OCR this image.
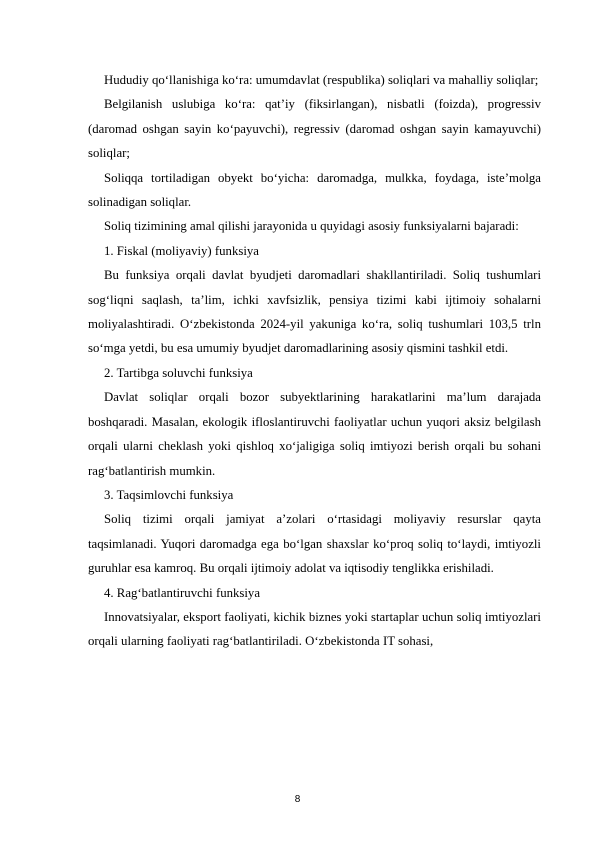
Hududiy qo‘llanishiga ko‘ra: umumdavlat (respublika) soliqlari va mahalliy soliqlar;

Belgilanish uslubiga ko‘ra: qat’iy (fiksirlangan), nisbatli (foizda), progressiv (daromad oshgan sayin ko‘payuvchi), regressiv (daromad oshgan sayin kamayuvchi) soliqlar;

Soliqqa tortiladigan obyekt bo‘yicha: daromadga, mulkka, foydaga, iste’molga solinadigan soliqlar.

Soliq tizimining amal qilishi jarayonida u quyidagi asosiy funksiyalarni bajaradi:

1. Fiskal (moliyaviy) funksiya

Bu funksiya orqali davlat byudjeti daromadlari shakllantiriladi. Soliq tushumlari sog‘liqni saqlash, ta’lim, ichki xavfsizlik, pensiya tizimi kabi ijtimoiy sohalarni moliyalashtiradi. O‘zbekistonda 2024-yil yakuniga ko‘ra, soliq tushumlari 103,5 trln so‘mga yetdi, bu esa umumiy byudjet daromadlarining asosiy qismini tashkil etdi.

2. Tartibga soluvchi funksiya

Davlat soliqlar orqali bozor subyektlarining harakatlarini ma’lum darajada boshqaradi. Masalan, ekologik ifloslantiruvchi faoliyatlar uchun yuqori aksiz belgilash orqali ularni cheklash yoki qishloq xo‘jaligiga soliq imtiyozi berish orqali bu sohani rag‘batlantirish mumkin.

3. Taqsimlovchi funksiya

Soliq tizimi orqali jamiyat a’zolari o‘rtasidagi moliyaviy resurslar qayta taqsimlanadi. Yuqori daromadga ega bo‘lgan shaxslar ko‘proq soliq to‘laydi, imtiyozli guruhlar esa kamroq. Bu orqali ijtimoiy adolat va iqtisodiy tenglikka erishiladi.

4. Rag‘batlantiruvchi funksiya

Innovatsiyalar, eksport faoliyati, kichik biznes yoki startaplar uchun soliq imtiyozlari orqali ularning faoliyati rag‘batlantiriladi. O‘zbekistonda IT sohasi,

8
